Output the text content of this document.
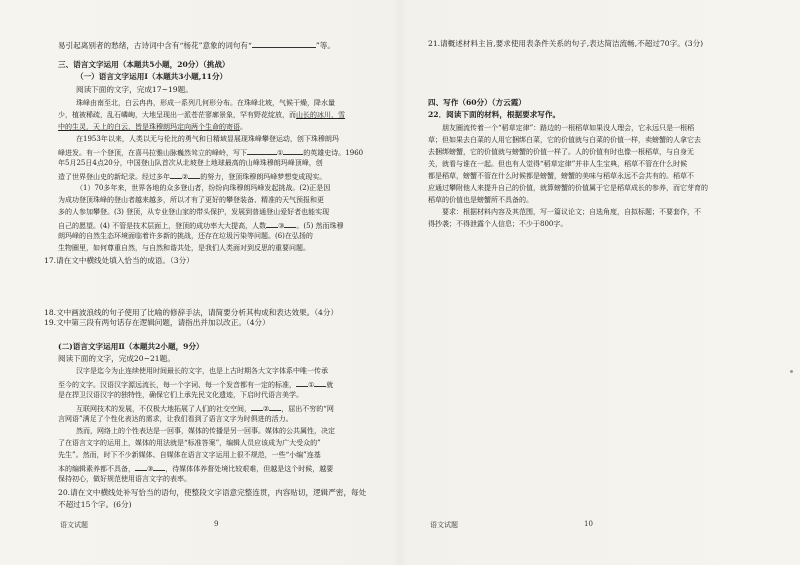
易引起离别者的愁绪，古诗词中含有“杨花”意象的词句有“	”等。
三、语言文字运用（本题共5小题，20分）（挑战）
（一）语言文字运用Ⅰ（本题共3小题,11分）
阅读下面的文字，完成17~19题。
珠峰由南至北，白云冉冉，形成一系列几何形分布。在珠峰北坡，气候干燥，降水量
少，植被稀疏，乱石嶙峋，大地呈现出一派苍茫寥廓景象，罕有野花绽放，而山长的冰川，雪
中的生灵，天上的白云，皆是珠穆朗玛定向两个生命的寄语。
在1953年以来，人类以无与伦比的勇气和日精域显展现珠峰攀登运动，创下珠穆朗玛
峰进发。有一个登顶，在喜马拉雅山脉巍然耸立的峰岭，写下	①	的英雄史诗。1960
年5月25日4点20分，中国登山队首次从北坡登上地球最高的山峰珠穆朗玛峰顶峰，创
造了世界登山史的新纪录。经过多年 ② 的努力，登顶珠穆朗玛峰梦想变成现实。
（1）70多年来，世界各地的众多登山者，纷纷向珠穆朗玛峰发起挑战。(2)正是因
为成功登顶珠峰的登山者越来越多，所以才有了更好的攀登装备、精准的天气预报和更
多的人参加攀登。(3) 登顶，从专业登山家的带头保护，发展到普通登山爱好者也能实现
自己的愿望。(4) 不管是技术层面上，登顶的成功率大大提高，人数 ③ 。(5) 然而珠穆
朗玛峰的自然生态环境面临着许多新的挑战，还存在垃圾污染等问题。(6)在弘扬的
生物圈里，如何尊重自然，与自然和谐共处，是我们人类面对到反思的重要问题。
17.请在文中横线处填入恰当的成语。（3分）
18.文中画波浪线的句子使用了比喻的修辞手法，请简要分析其构成和表达效果。（4分）
19.文中第三段有两句话存在逻辑问题，请指出并加以改正。（4分）
(二)语言文字运用Ⅱ（本题共2小题，9分）
阅读下面的文字，完成20~21题。
汉字是迄今为止连续使用时间最长的文字，也是上古时期各大文字体系中唯一传承
至今的文字。汉语汉字源远流长，每一个字词、每一个发音都有一定的标准， ① 就
是在捍卫汉语汉字的独特性，确保它们上承先民文化遗迹，下启时代语言美学。
互联网技术的发展，不仅极大地拓展了人们的社交空间， ② ，屈出不穷的“网
言网语”满足了个性化表达的需求，让我们看到了语言文字为时俱进的活力。
然而，网络上的个性表达是一回事，媒体的传播是另一回事。媒体的公共属性，决定
了在语言文字的运用上，媒体的用法就是“标准答案”，编辑人员应该成为广大受众的”
先生”。然而，时下不少新媒体、自媒体在语言文字运用上很不规范，一些“小编”连基
本的编辑素养都不具备， ③ ，待媒体体养督处境比较艰难，但越是这个时候，越要
保持初心，做好规范使用语言文字的表率。
20.请在文中横线处补写恰当的语句，使整段文字语意完整连贯，内容贴切，逻辑严密，每处
不超过15个字。(6分)
语文试题	9
21.请概述材料主旨,要求使用表条件关系的句子,表达简洁流畅,不超过70字。(3分)
四、写作（60分）（方云霞）
22．阅读下面的材料，根据要求写作。
朋友圈流传着一个“稻草定律”：路边的一根稻草如果没人理会，它永远只是一根稻
草；但如果去白菜的人用它捆绑白菜，它的价值就与白菜的价值一样，卖螃蟹的人拿它去
去捆绑螃蟹，它的价值就与螃蟹的价值一样了。人的价值有时也像一根稻草，与自身无
关，就看与谁在一起。但也有人觉得“稻草定律”并非人生宝典，稻草不管在什么时候
都是稻草，螃蟹不管在什么时候都是螃蟹，螃蟹的美味与稻草永远不会共有的。稻草不
应通过攀附他人来提升自己的价值，就算螃蟹的价值属于它是稻草成长的参养，而它芽育的
稻草的价值也是螃蟹所不具备的。
要求：根据材料内容及其范围，写一篇议论文；自选角度，自拟标题；不要套作，不
得抄袭；不得泄露个人信息；不少于800字。
语文试题	10
